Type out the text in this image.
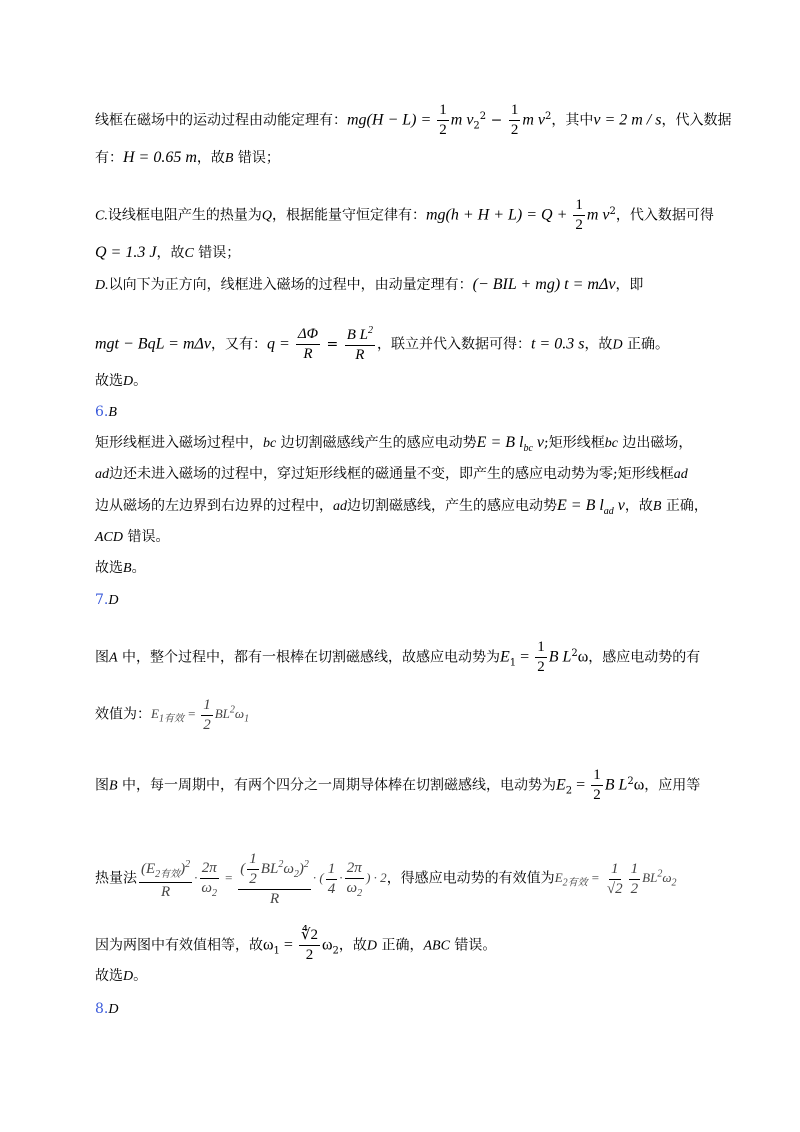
线框在磁场中的运动过程由动能定理有：$mg(H - L) = \frac{1}{2}$ m $v_2^2 - \frac{1}{2}$ m $v^2$，其中v = 2 m / s，代入数据
有：H = 0.65 m，故B 错误；
C.设线框电阻产生的热量为Q，根据能量守恒定律有：$mg(h + H + L) = Q + \frac{1}{2}$ m $v^2$，代入数据可得
Q = 1.3 J，故C 错误；
D.以向下为正方向，线框进入磁场的过程中，由动量定理有：(− BIL + mg) t = mΔv，即
mgt − BqL = mΔv，又有：$q = \frac{\Delta\Phi}{R} = \frac{B L^2}{R}$ ，联立并代入数据可得：t = 0.3 s，故D 正确。
故选D。
6.B
矩形线框进入磁场过程中，bc 边切割磁感线产生的感应电动势E = B $l_{bc}$ v;矩形线框bc 边出磁场，
ad边还未进入磁场的过程中，穿过矩形线框的磁通量不变，即产生的感应电动势为零;矩形线框ad
边从磁场的左边界到右边界的过程中，ad边切割磁感线，产生的感应电动势E = B $l_{ad}$ v，故B 正确，
ACD 错误。
故选B。
7.D
图A 中，整个过程中，都有一根棒在切割磁感线，故感应电动势为$E_1 = \frac{1}{2}$ B $L^2\omega$，感应电动势的有
效值为：$E_{1有效} = \frac{1}{2} BL^2\omega_1$
图B 中，每一周期中，有两个四分之一周期导体棒在切割磁感线，电动势为$E_2 = \frac{1}{2}$ B $L^2\omega$，应用等
热量法 $\frac{(E_{2有效})^2}{R} \cdot \frac{2\pi}{\omega_2} = \frac{( \frac{1}{2} BL^2\omega_2)^2}{R}$ · ( $\frac{1}{4} \cdot \frac{2\pi}{\omega_2}$ ) · 2，得感应电动势的有效值为$E_{2有效} = \frac{1}{√2} \frac{1}{2} BL^2\omega_2$
因为两图中有效值相等，故$\omega_1 = \frac{∜2}{2} \omega_2$，故D 正确，ABC 错误。
故选D。
8.D
